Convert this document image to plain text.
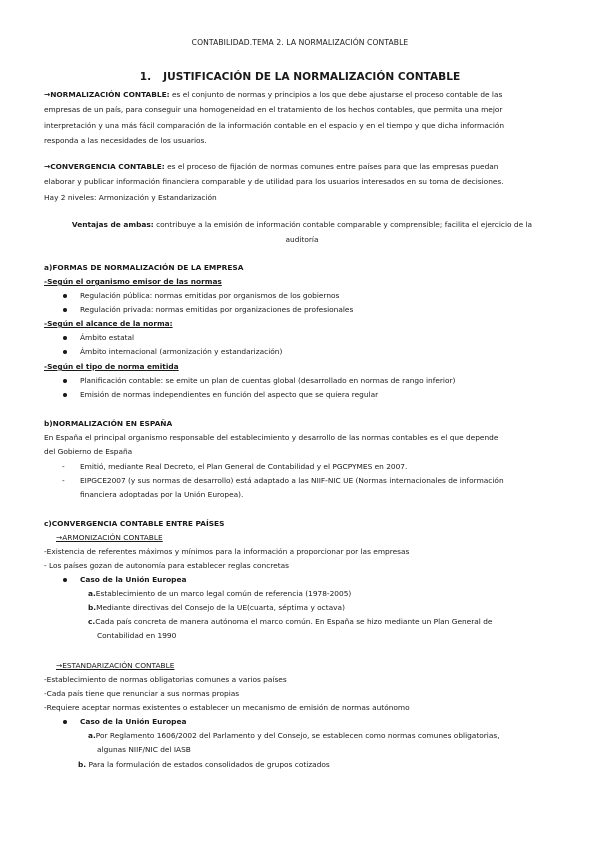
CONTABILIDAD.TEMA 2. LA NORMALIZACIÓN CONTABLE
1. JUSTIFICACIÓN DE LA NORMALIZACIÓN CONTABLE
→NORMALIZACIÓN CONTABLE: es el conjunto de normas y principios a los que debe ajustarse el proceso contable de las
empresas de un país, para conseguir una homogeneidad en el tratamiento de los hechos contables, que permita una mejor
interpretación y una más fácil comparación de la información contable en el espacio y en el tiempo y que dicha información
responda a las necesidades de los usuarios.
→CONVERGENCIA CONTABLE: es el proceso de fijación de normas comunes entre países para que las empresas puedan
elaborar y publicar información financiera comparable y de utilidad para los usuarios interesados en su toma de decisiones.
Hay 2 niveles: Armonización y Estandarización
Ventajas de ambas: contribuye a la emisión de información contable comparable y comprensible; facilita el ejercicio de la
auditoría
a)FORMAS DE NORMALIZACIÓN DE LA EMPRESA
-Según el organismo emisor de las normas
Regulación pública: normas emitidas por organismos de los gobiernos
Regulación privada: normas emitidas por organizaciones de profesionales
-Según el alcance de la norma:
Ámbito estatal
Ámbito internacional (armonización y estandarización)
-Según el tipo de norma emitida
Planificación contable: se emite un plan de cuentas global (desarrollado en normas de rango inferior)
Emisión de normas independientes en función del aspecto que se quiera regular
b)NORMALIZACIÓN EN ESPAÑA
En España el principal organismo responsable del establecimiento y desarrollo de las normas contables es el que depende
del Gobierno de España
- Emitió, mediante Real Decreto, el Plan General de Contabilidad y el PGCPYMES en 2007.
- EIPGCE2007 (y sus normas de desarrollo) está adaptado a las NIIF-NIC UE (Normas internacionales de información
financiera adoptadas por la Unión Europea).
c)CONVERGENCIA CONTABLE ENTRE PAÍSES
→ARMONIZACIÓN CONTABLE
-Existencia de referentes máximos y mínimos para la información a proporcionar por las empresas
- Los países gozan de autonomía para establecer reglas concretas
Caso de la Unión Europea
a.Establecimiento de un marco legal común de referencia (1978-2005)
b.Mediante directivas del Consejo de la UE(cuarta, séptima y octava)
c.Cada país concreta de manera autónoma el marco común. En España se hizo mediante un Plan General de
Contabilidad en 1990
→ESTANDARIZACIÓN CONTABLE
-Establecimiento de normas obligatorias comunes a varios países
-Cada país tiene que renunciar a sus normas propias
-Requiere aceptar normas existentes o establecer un mecanismo de emisión de normas autónomo
Caso de la Unión Europea
a.Por Reglamento 1606/2002 del Parlamento y del Consejo, se establecen como normas comunes obligatorias,
algunas NIIF/NIC del IASB
b. Para la formulación de estados consolidados de grupos cotizados
